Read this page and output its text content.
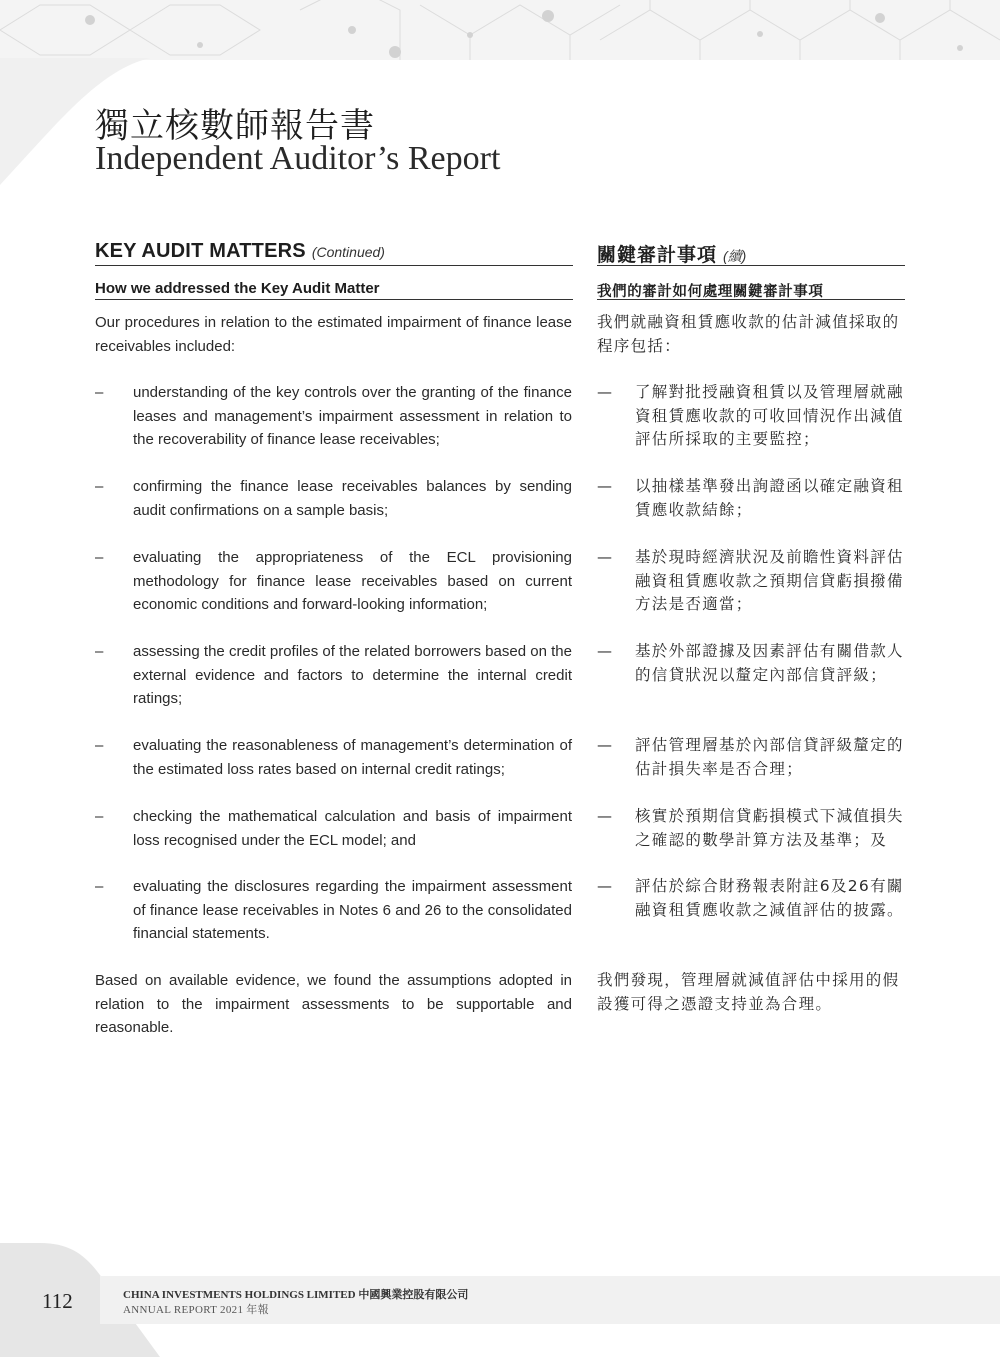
獨立核數師報告書
Independent Auditor’s Report
KEY AUDIT MATTERS (Continued)	關鍵審計事項 (續)
How we addressed the Key Audit Matter	我們的審計如何處理關鍵審計事項

Our procedures in relation to the estimated impairment of finance lease receivables included:

我們就融資租賃應收款的估計減值採取的程序包括：

–	understanding of the key controls over the granting of the finance leases and management’s impairment assessment in relation to the recoverability of finance lease receivables;
—	了解對批授融資租賃以及管理層就融資租賃應收款的可收回情況作出減值評估所採取的主要監控；
–	confirming the finance lease receivables balances by sending audit confirmations on a sample basis;
—	以抽樣基準發出詢證函以確定融資租賃應收款結餘；
–	evaluating the appropriateness of the ECL provisioning methodology for finance lease receivables based on current economic conditions and forward-looking information;
—	基於現時經濟狀況及前瞻性資料評估融資租賃應收款之預期信貸虧損撥備方法是否適當；
–	assessing the credit profiles of the related borrowers based on the external evidence and factors to determine the internal credit ratings;
—	基於外部證據及因素評估有關借款人的信貸狀況以釐定內部信貸評級；
–	evaluating the reasonableness of management’s determination of the estimated loss rates based on internal credit ratings;
—	評估管理層基於內部信貸評級釐定的估計損失率是否合理；
–	checking the mathematical calculation and basis of impairment loss recognised under the ECL model; and
—	核實於預期信貸虧損模式下減值損失之確認的數學計算方法及基準；及
–	evaluating the disclosures regarding the impairment assessment of finance lease receivables in Notes 6 and 26 to the consolidated financial statements.
—	評估於綜合財務報表附註6及26有關融資租賃應收款之減值評估的披露。

Based on available evidence, we found the assumptions adopted in relation to the impairment assessments to be supportable and reasonable.

我們發現，管理層就減值評估中採用的假設獲可得之憑證支持並為合理。

112	CHINA INVESTMENTS HOLDINGS LIMITED 中國興業控股有限公司
ANNUAL REPORT 2021 年報
